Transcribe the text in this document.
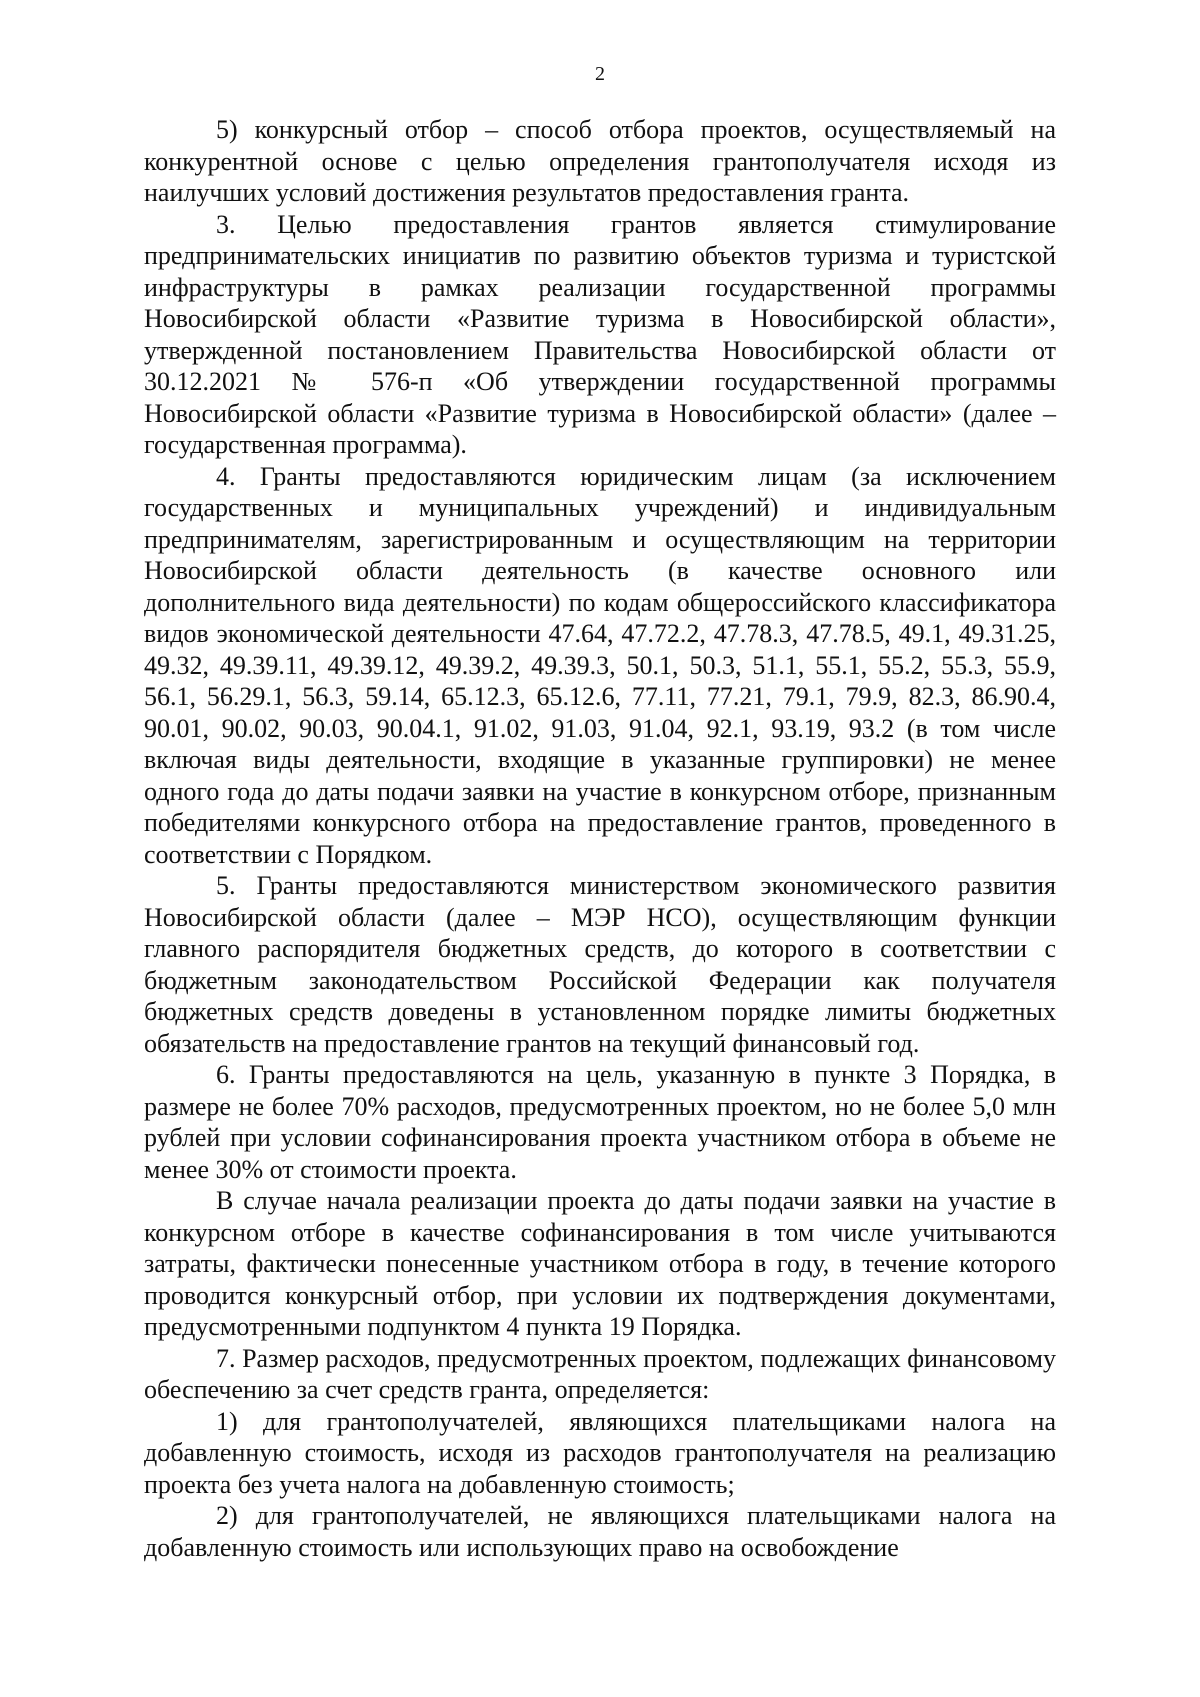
2

5) конкурсный отбор – способ отбора проектов, осуществляемый на конкурентной основе с целью определения грантополучателя исходя из наилучших условий достижения результатов предоставления гранта.

3. Целью предоставления грантов является стимулирование предпринимательских инициатив по развитию объектов туризма и туристской инфраструктуры в рамках реализации государственной программы Новосибирской области «Развитие туризма в Новосибирской области», утвержденной постановлением Правительства Новосибирской области от 30.12.2021 № 576-п «Об утверждении государственной программы Новосибирской области «Развитие туризма в Новосибирской области» (далее – государственная программа).

4. Гранты предоставляются юридическим лицам (за исключением государственных и муниципальных учреждений) и индивидуальным предпринимателям, зарегистрированным и осуществляющим на территории Новосибирской области деятельность (в качестве основного или дополнительного вида деятельности) по кодам общероссийского классификатора видов экономической деятельности 47.64, 47.72.2, 47.78.3, 47.78.5, 49.1, 49.31.25, 49.32, 49.39.11, 49.39.12, 49.39.2, 49.39.3, 50.1, 50.3, 51.1, 55.1, 55.2, 55.3, 55.9, 56.1, 56.29.1, 56.3, 59.14, 65.12.3, 65.12.6, 77.11, 77.21, 79.1, 79.9, 82.3, 86.90.4, 90.01, 90.02, 90.03, 90.04.1, 91.02, 91.03, 91.04, 92.1, 93.19, 93.2 (в том числе включая виды деятельности, входящие в указанные группировки) не менее одного года до даты подачи заявки на участие в конкурсном отборе, признанным победителями конкурсного отбора на предоставление грантов, проведенного в соответствии с Порядком.

5. Гранты предоставляются министерством экономического развития Новосибирской области (далее – МЭР НСО), осуществляющим функции главного распорядителя бюджетных средств, до которого в соответствии с бюджетным законодательством Российской Федерации как получателя бюджетных средств доведены в установленном порядке лимиты бюджетных обязательств на предоставление грантов на текущий финансовый год.

6. Гранты предоставляются на цель, указанную в пункте 3 Порядка, в размере не более 70% расходов, предусмотренных проектом, но не более 5,0 млн рублей при условии софинансирования проекта участником отбора в объеме не менее 30% от стоимости проекта.

В случае начала реализации проекта до даты подачи заявки на участие в конкурсном отборе в качестве софинансирования в том числе учитываются затраты, фактически понесенные участником отбора в году, в течение которого проводится конкурсный отбор, при условии их подтверждения документами, предусмотренными подпунктом 4 пункта 19 Порядка.

7. Размер расходов, предусмотренных проектом, подлежащих финансовому обеспечению за счет средств гранта, определяется:

1) для грантополучателей, являющихся плательщиками налога на добавленную стоимость, исходя из расходов грантополучателя на реализацию проекта без учета налога на добавленную стоимость;

2) для грантополучателей, не являющихся плательщиками налога на добавленную стоимость или использующих право на освобождение
